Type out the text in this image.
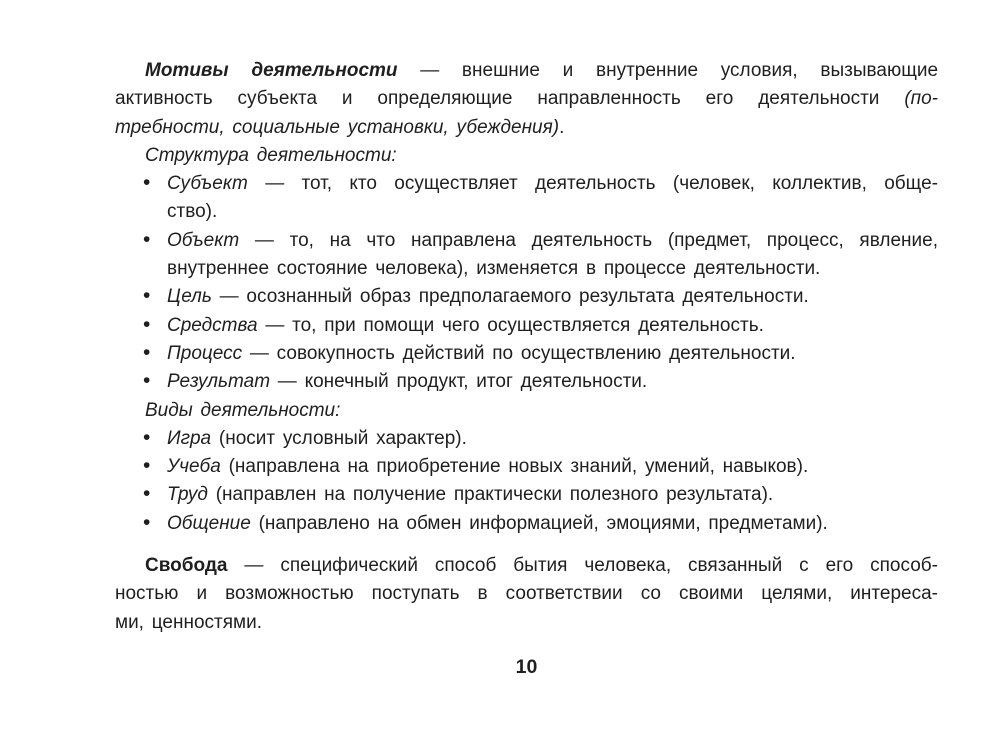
Мотивы деятельности — внешние и внутренние условия, вызывающие
активность субъекта и определяющие направленность его деятельности (по-
требности, социальные установки, убеждения).
Структура деятельности:
• Субъект — тот, кто осуществляет деятельность (человек, коллектив, обще-
ство).
• Объект — то, на что направлена деятельность (предмет, процесс, явление,
внутреннее состояние человека), изменяется в процессе деятельности.
• Цель — осознанный образ предполагаемого результата деятельности.
• Средства — то, при помощи чего осуществляется деятельность.
• Процесс — совокупность действий по осуществлению деятельности.
• Результат — конечный продукт, итог деятельности.
Виды деятельности:
• Игра (носит условный характер).
• Учеба (направлена на приобретение новых знаний, умений, навыков).
• Труд (направлен на получение практически полезного результата).
• Общение (направлено на обмен информацией, эмоциями, предметами).
Свобода — специфический способ бытия человека, связанный с его способ-
ностью и возможностью поступать в соответствии со своими целями, интереса-
ми, ценностями.
10
